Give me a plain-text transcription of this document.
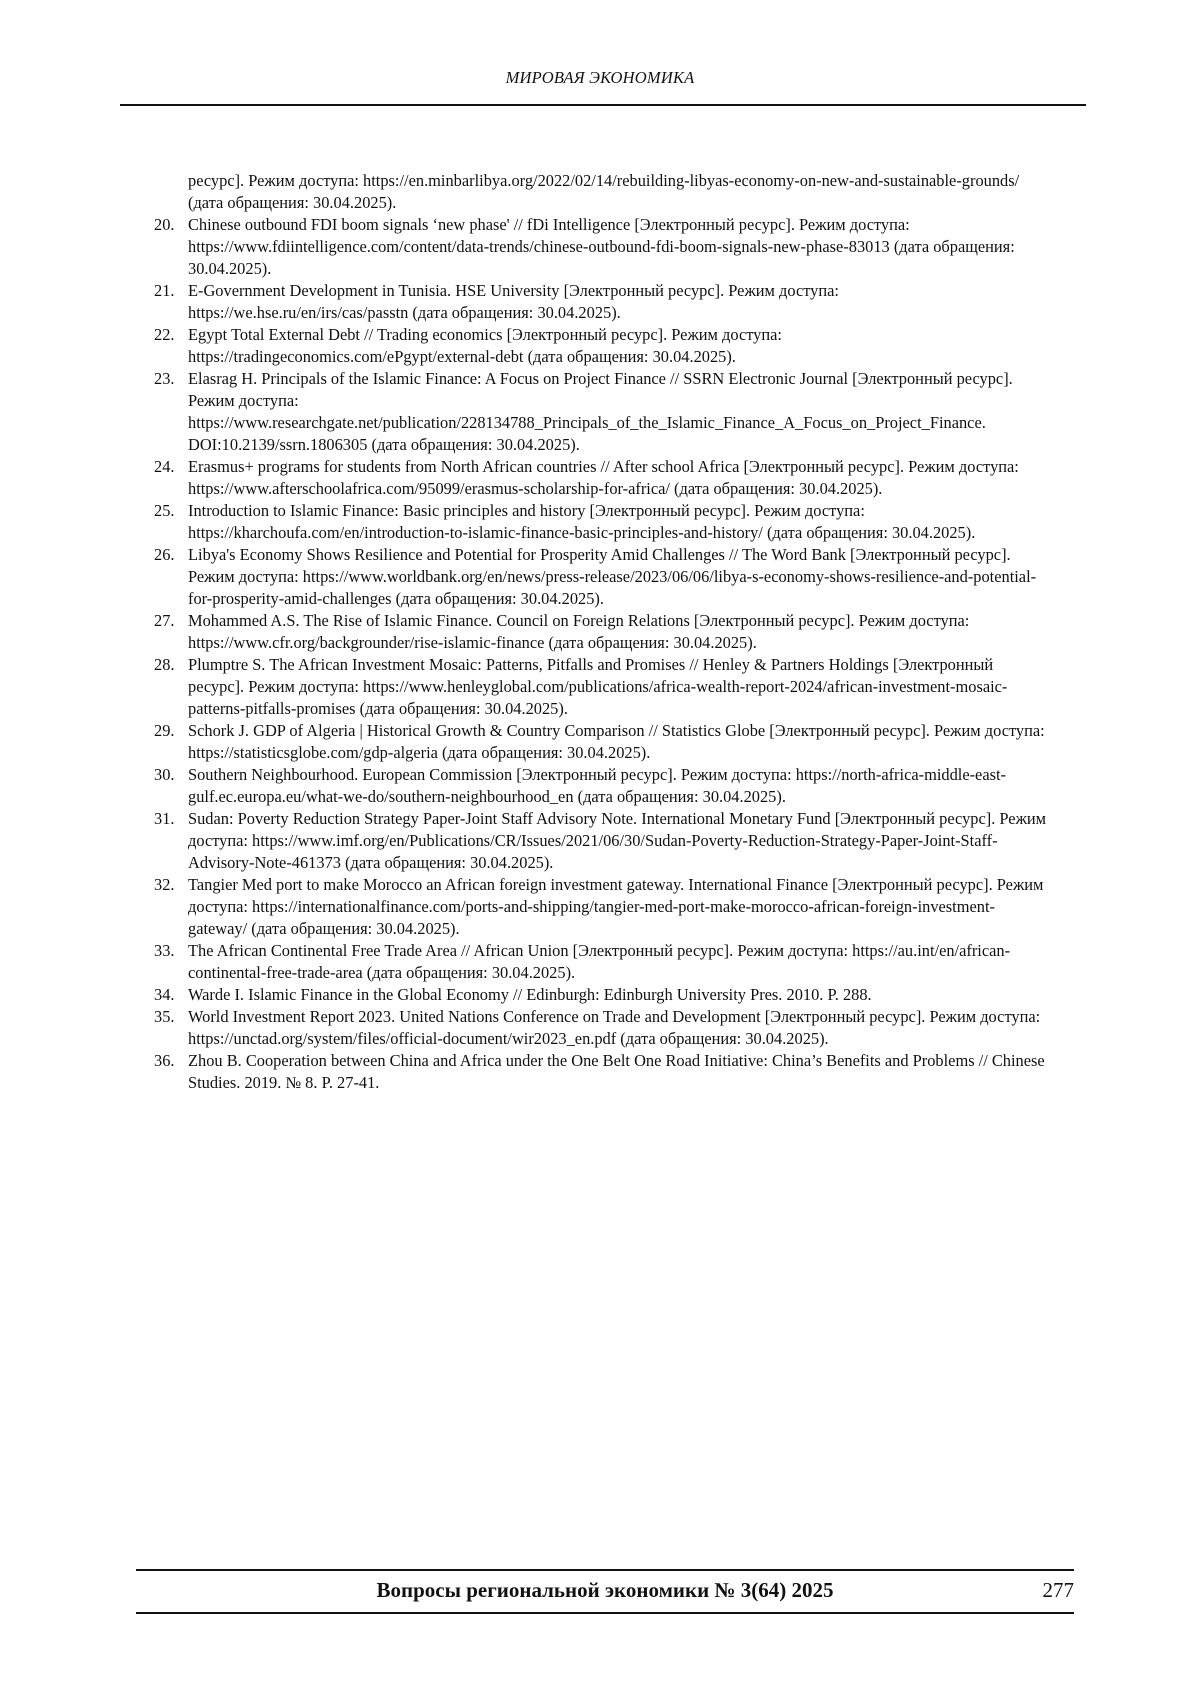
МИРОВАЯ ЭКОНОМИКА
ресурс]. Режим доступа: https://en.minbarlibya.org/2022/02/14/rebuilding-libyas-economy-on-new-and-sustainable-grounds/ (дата обращения: 30.04.2025).
20. Chinese outbound FDI boom signals ‘new phase' // fDi Intelligence [Электронный ресурс]. Режим доступа: https://www.fdiintelligence.com/content/data-trends/chinese-outbound-fdi-boom-signals-new-phase-83013 (дата обращения: 30.04.2025).
21. E-Government Development in Tunisia. HSE University [Электронный ресурс]. Режим доступа: https://we.hse.ru/en/irs/cas/passtn (дата обращения: 30.04.2025).
22. Egypt Total External Debt // Trading economics [Электронный ресурс]. Режим доступа: https://tradingeconomics.com/eРgypt/external-debt (дата обращения: 30.04.2025).
23. Elasrag H. Principals of the Islamic Finance: A Focus on Project Finance // SSRN Electronic Journal [Электронный ресурс]. Режим доступа: https://www.researchgate.net/publication/228134788_Principals_of_the_Islamic_Finance_A_Focus_on_Project_Finance. DOI:10.2139/ssrn.1806305 (дата обращения: 30.04.2025).
24. Erasmus+ programs for students from North African countries // After school Africa [Электронный ресурс]. Режим доступа: https://www.afterschoolafrica.com/95099/erasmus-scholarship-for-africa/ (дата обращения: 30.04.2025).
25. Introduction to Islamic Finance: Basic principles and history [Электронный ресурс]. Режим доступа: https://kharchoufa.com/en/introduction-to-islamic-finance-basic-principles-and-history/ (дата обращения: 30.04.2025).
26. Libya's Economy Shows Resilience and Potential for Prosperity Amid Challenges // The Word Bank [Электронный ресурс]. Режим доступа: https://www.worldbank.org/en/news/press-release/2023/06/06/libya-s-economy-shows-resilience-and-potential-for-prosperity-amid-challenges (дата обращения: 30.04.2025).
27. Mohammed A.S. The Rise of Islamic Finance. Council on Foreign Relations [Электронный ресурс]. Режим доступа: https://www.cfr.org/backgrounder/rise-islamic-finance (дата обращения: 30.04.2025).
28. Plumptre S. The African Investment Mosaic: Patterns, Pitfalls and Promises // Henley & Partners Holdings [Электронный ресурс]. Режим доступа: https://www.henleyglobal.com/publications/africa-wealth-report-2024/african-investment-mosaic-patterns-pitfalls-promises (дата обращения: 30.04.2025).
29. Schork J. GDP of Algeria | Historical Growth & Country Comparison // Statistics Globe [Электронный ресурс]. Режим доступа: https://statisticsglobe.com/gdp-algeria (дата обращения: 30.04.2025).
30. Southern Neighbourhood. European Commission [Электронный ресурс]. Режим доступа: https://north-africa-middle-east-gulf.ec.europa.eu/what-we-do/southern-neighbourhood_en (дата обращения: 30.04.2025).
31. Sudan: Poverty Reduction Strategy Paper-Joint Staff Advisory Note. International Monetary Fund [Электронный ресурс]. Режим доступа: https://www.imf.org/en/Publications/CR/Issues/2021/06/30/Sudan-Poverty-Reduction-Strategy-Paper-Joint-Staff-Advisory-Note-461373 (дата обращения: 30.04.2025).
32. Tangier Med port to make Morocco an African foreign investment gateway. International Finance [Электронный ресурс]. Режим доступа: https://internationalfinance.com/ports-and-shipping/tangier-med-port-make-morocco-african-foreign-investment-gateway/ (дата обращения: 30.04.2025).
33. The African Continental Free Trade Area // African Union [Электронный ресурс]. Режим доступа: https://au.int/en/african-continental-free-trade-area (дата обращения: 30.04.2025).
34. Warde I. Islamic Finance in the Global Economy // Edinburgh: Edinburgh University Pres. 2010. P. 288.
35. World Investment Report 2023. United Nations Conference on Trade and Development [Электронный ресурс]. Режим доступа: https://unctad.org/system/files/official-document/wir2023_en.pdf (дата обращения: 30.04.2025).
36. Zhou B. Cooperation between China and Africa under the One Belt One Road Initiative: China’s Benefits and Problems // Chinese Studies. 2019. № 8. P. 27-41.
Вопросы региональной экономики № 3(64) 2025	277
